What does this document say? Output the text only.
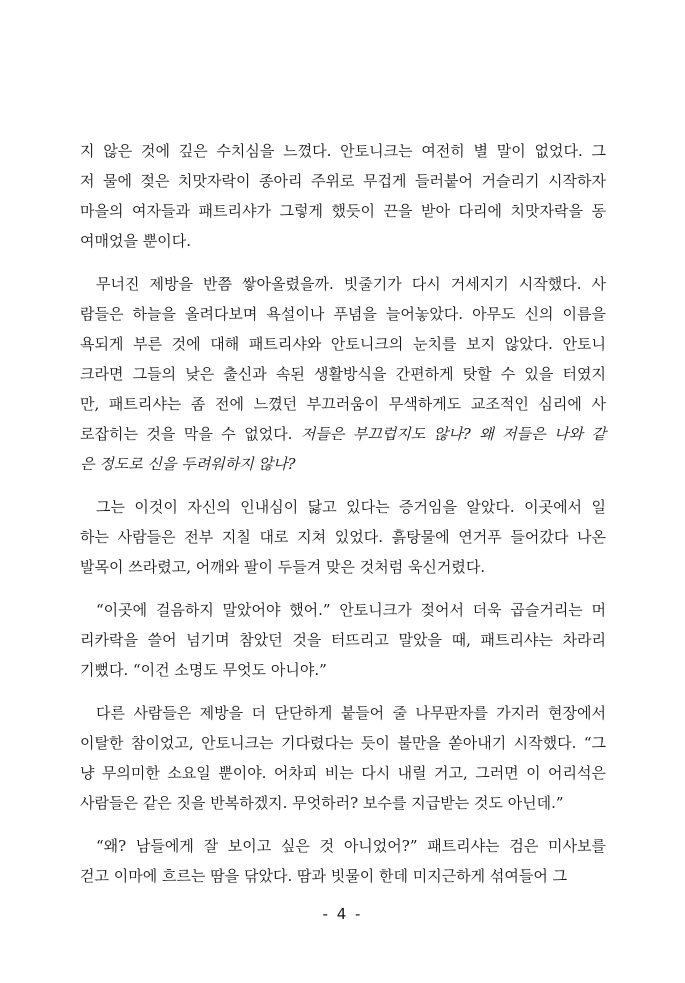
지 않은 것에 깊은 수치심을 느꼈다. 안토니크는 여전히 별 말이 없었다. 그
저 물에 젖은 치맛자락이 종아리 주위로 무겁게 들러붙어 거슬리기 시작하자
마을의 여자들과 패트리샤가 그렇게 했듯이 끈을 받아 다리에 치맛자락을 동
여매었을 뿐이다.
무너진 제방을 반쯤 쌓아올렸을까. 빗줄기가 다시 거세지기 시작했다. 사
람들은 하늘을 올려다보며 욕설이나 푸념을 늘어놓았다. 아무도 신의 이름을
욕되게 부른 것에 대해 패트리샤와 안토니크의 눈치를 보지 않았다. 안토니
크라면 그들의 낮은 출신과 속된 생활방식을 간편하게 탓할 수 있을 터였지
만, 패트리샤는 좀 전에 느꼈던 부끄러움이 무색하게도 교조적인 심리에 사
로잡히는 것을 막을 수 없었다. 저들은 부끄럽지도 않나? 왜 저들은 나와 같
은 정도로 신을 두려워하지 않나?
그는 이것이 자신의 인내심이 닳고 있다는 증거임을 알았다. 이곳에서 일
하는 사람들은 전부 지칠 대로 지쳐 있었다. 흙탕물에 연거푸 들어갔다 나온
발목이 쓰라렸고, 어깨와 팔이 두들겨 맞은 것처럼 욱신거렸다.
“이곳에 걸음하지 말았어야 했어.” 안토니크가 젖어서 더욱 곱슬거리는 머
리카락을 쓸어 넘기며 참았던 것을 터뜨리고 말았을 때, 패트리샤는 차라리
기뻤다. “이건 소명도 무엇도 아니야.”
다른 사람들은 제방을 더 단단하게 붙들어 줄 나무판자를 가지러 현장에서
이탈한 참이었고, 안토니크는 기다렸다는 듯이 불만을 쏟아내기 시작했다. “그
냥 무의미한 소요일 뿐이야. 어차피 비는 다시 내릴 거고, 그러면 이 어리석은
사람들은 같은 짓을 반복하겠지. 무엇하러? 보수를 지급받는 것도 아닌데.”
“왜? 남들에게 잘 보이고 싶은 것 아니었어?” 패트리샤는 검은 미사보를
걷고 이마에 흐르는 땀을 닦았다. 땀과 빗물이 한데 미지근하게 섞여들어 그
- 4 -
